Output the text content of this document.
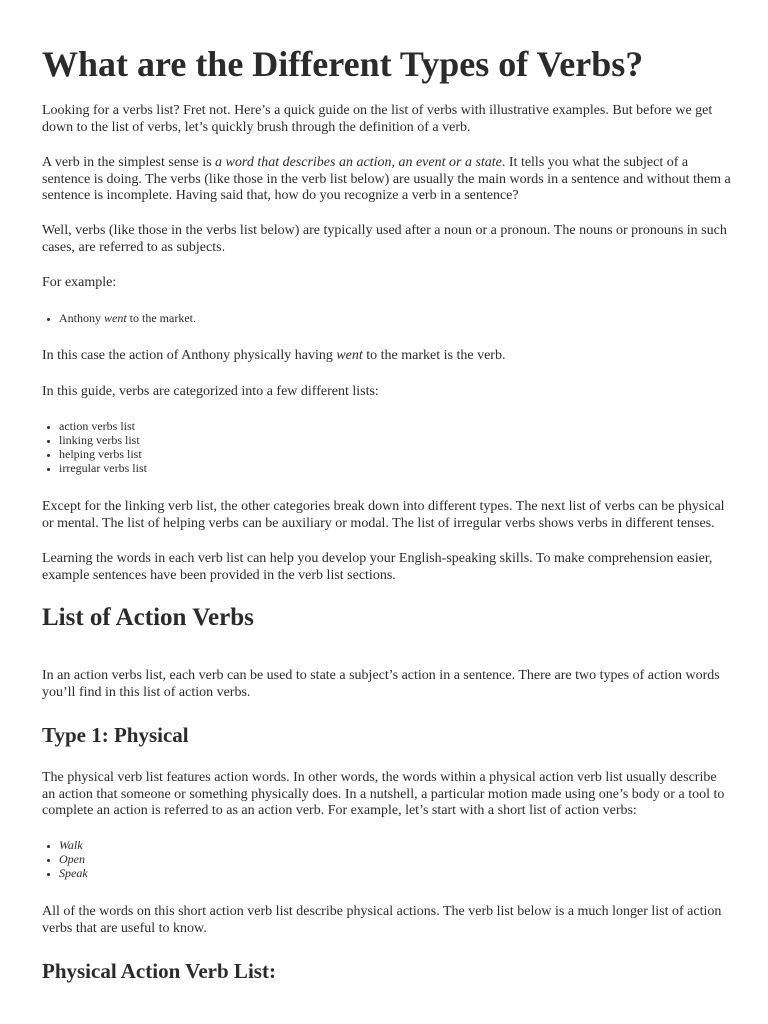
What are the Different Types of Verbs?

Looking for a verbs list? Fret not. Here’s a quick guide on the list of verbs with illustrative examples. But before we get down to the list of verbs, let’s quickly brush through the definition of a verb.

A verb in the simplest sense is a word that describes an action, an event or a state. It tells you what the subject of a sentence is doing. The verbs (like those in the verb list below) are usually the main words in a sentence and without them a sentence is incomplete. Having said that, how do you recognize a verb in a sentence?

Well, verbs (like those in the verbs list below) are typically used after a noun or a pronoun. The nouns or pronouns in such cases, are referred to as subjects.

For example:

• Anthony went to the market.

In this case the action of Anthony physically having went to the market is the verb.

In this guide, verbs are categorized into a few different lists:

• action verbs list
• linking verbs list
• helping verbs list
• irregular verbs list

Except for the linking verb list, the other categories break down into different types. The next list of verbs can be physical or mental. The list of helping verbs can be auxiliary or modal. The list of irregular verbs shows verbs in different tenses.

Learning the words in each verb list can help you develop your English-speaking skills. To make comprehension easier, example sentences have been provided in the verb list sections.

List of Action Verbs

In an action verbs list, each verb can be used to state a subject’s action in a sentence. There are two types of action words you’ll find in this list of action verbs.

Type 1: Physical

The physical verb list features action words. In other words, the words within a physical action verb list usually describe an action that someone or something physically does. In a nutshell, a particular motion made using one’s body or a tool to complete an action is referred to as an action verb. For example, let’s start with a short list of action verbs:

• Walk
• Open
• Speak

All of the words on this short action verb list describe physical actions. The verb list below is a much longer list of action verbs that are useful to know.

Physical Action Verb List:
